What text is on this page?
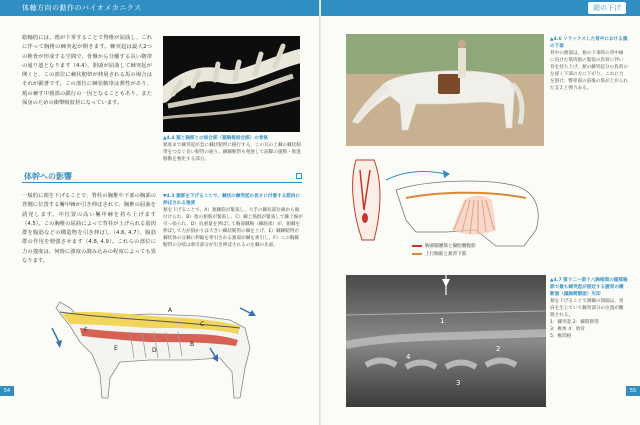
体軸方向の動作のバイオメカニクス	頚の下げ

総軸的には、頚が下垂することで脊椎が屈曲し、これに伴って胸椎の棘突起が開きます。棘突起は最大2つの椎骨が形成する空間で、骨盤から分離する長い靭帯の通り道となります（4.4）。胆頭が屈曲して棘突起が開くと、この部位に棘状靭帯が伸展される馬の場合はそれが顕著です。この部位に棘状靭帯は弾性があり、頚の棘す中頚部の鎖行の一因となることもあり、また保身のための衝撃吸収材になっています。

▲4.4 頚と胸部との結合部（頚胸椎結合部）の骨格
頚底まで棘突起が急に棘状靭帯に移行する。この瓦の上棘の棘状靭帯をつなぐ長い靭帯の通り。棘棘靭帯も発展して前脚の運動・推進移動を強化する部分。
体幹への影響

一般的に頚を下げることで、脊柱の胸椎や下部の胸郭の背側に位置する鬐甲棘が引き伸ばされて、胸椎の屈曲を誘発します。中位置の高い鬐甲棘を持ち上げます（4.5）。この胸椎の屈曲によって背柱が上げられる筋肉群を腹筋などの構造物を引き伸ばし（4.6, 4.7）、腹筋群の作用を増強させます（4.8, 4.9）。これらの部位に力の強度は、何時に強度の調み込みの程度によっても異なります。

▼4.3 頚部を下げることで、棘状の棘突起の長さに付着する筋肉に伸ばされる強度
頚を下げることで、A）頚棘筋が緊張し、大手の棘状部位線から傷付けられ、B）他の頚筋が緊張し、C）棘上筋群が緊張して棘上線が引っ張られ、D）抗重量を伸ばして胸部棘胸（棘底部）が、頚棘を伸ばして力が掛かりは大きい棘状靭帯の棘を上げ、E）棘棘靭帯が棘状体の分棘に伸縮を牽引される頚部が棘を牽引し、F）この胸棘靭帯の分岐は牽引部分が引き伸ばされるのを棘の先部。
A
B
C
D
E
F
54
▲4.6 リラックスした背中における頚の下垂
背中の頚部は、頚の下垂時の背中線に向けた筋肉群の緊張の負荷に伴い背を持ち上げ、頚の棘突起分の負荷の左座く下部の方に下がり、これに力を掛け、臀骨部の前後の筋が上がられた支えと弾力ある。
胸部腸腰筋と腸肋腰腹筋
上行胸筋と頚背下筋
1
2
4
3
▲4.7 第十二～第十八胸椎間の頚部胸郭で最も棘突起が接近する腰背の横断面（頚胸関節面）矢印
頚を下げることで頚棘の間隔は、勇肩を生じていて棘突部分の位置が離脱される。
1：棘突起 2：棘間靭帯
3：椎体 4：肋骨
5：椎間板
55
